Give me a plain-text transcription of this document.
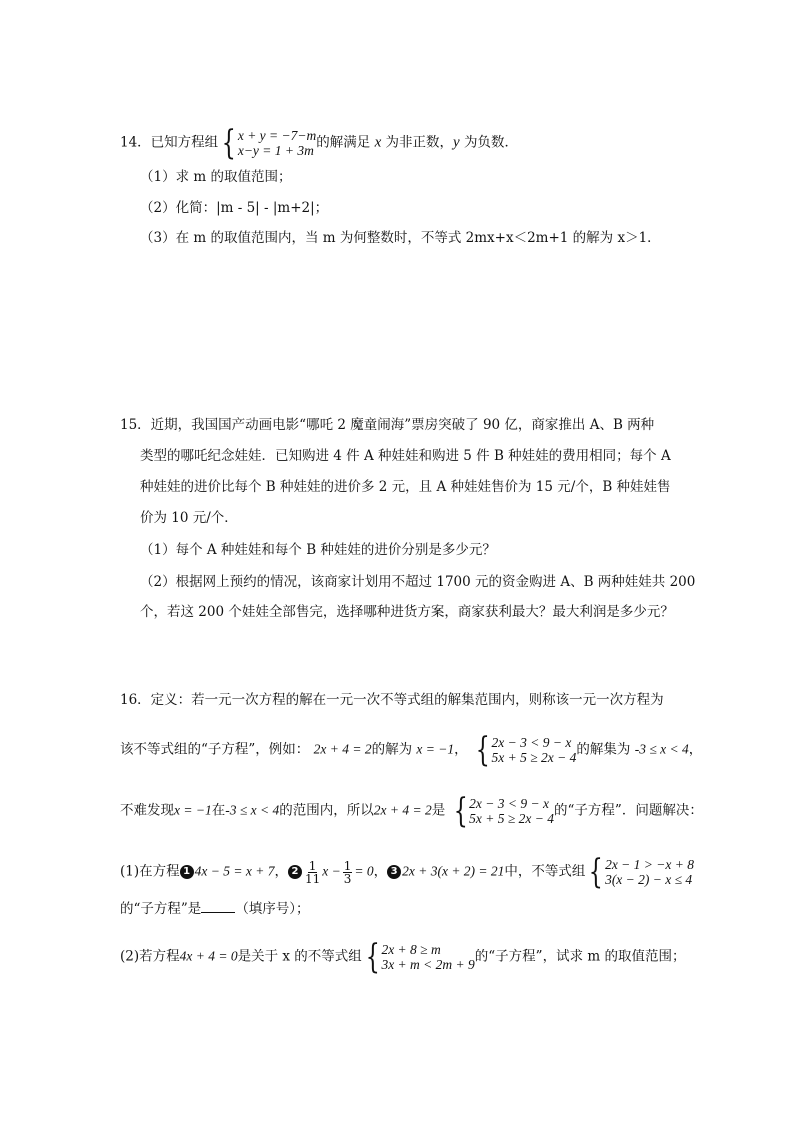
14．已知方程组 { x + y = −7−m
x−y = 1 + 3m 的解满足 x 为非正数，y 为负数．
（1）求 m 的取值范围；
（2）化简：|m - 5| - |m+2|；
（3）在 m 的取值范围内，当 m 为何整数时，不等式 2mx+x＜2m+1 的解为 x＞1．
15．近期，我国国产动画电影“哪吒 2 魔童闹海”票房突破了 90 亿，商家推出 A、B 两种
类型的哪吒纪念娃娃．已知购进 4 件 A 种娃娃和购进 5 件 B 种娃娃的费用相同；每个 A
种娃娃的进价比每个 B 种娃娃的进价多 2 元，且 A 种娃娃售价为 15 元/个，B 种娃娃售
价为 10 元/个．
（1）每个 A 种娃娃和每个 B 种娃娃的进价分别是多少元？
（2）根据网上预约的情况，该商家计划用不超过 1700 元的资金购进 A、B 两种娃娃共 200
个，若这 200 个娃娃全部售完，选择哪种进货方案，商家获利最大？最大利润是多少元？
16．定义：若一元一次方程的解在一元一次不等式组的解集范围内，则称该一元一次方程为
该不等式组的“子方程”，例如： 2x + 4 = 2的解为 x = −1， { 2x − 3 < 9 − x
5x + 5 ≥ 2x − 4 的解集为 -3 ≤ x < 4，
不难发现x = −1在-3 ≤ x < 4的范围内，所以2x + 4 = 2是 { 2x − 3 < 9 − x
5x + 5 ≥ 2x − 4 的“子方程”．问题解决：
(1)在方程 1 4x − 5 = x + 7， $2 \frac{1}{11}$ $x - \frac{1}{3} = 0$， 3 2x + 3(x + 2) = 21中，不等式组 { 2x − 1 > −x + 8
3(x − 2) − x ≤ 4
的“子方程”是	（填序号）；
(2)若方程4x + 4 = 0是关于 x 的不等式组 { 2x + 8 ≥ m
3x + m < 2m + 9 的“子方程”，试求 m 的取值范围；
